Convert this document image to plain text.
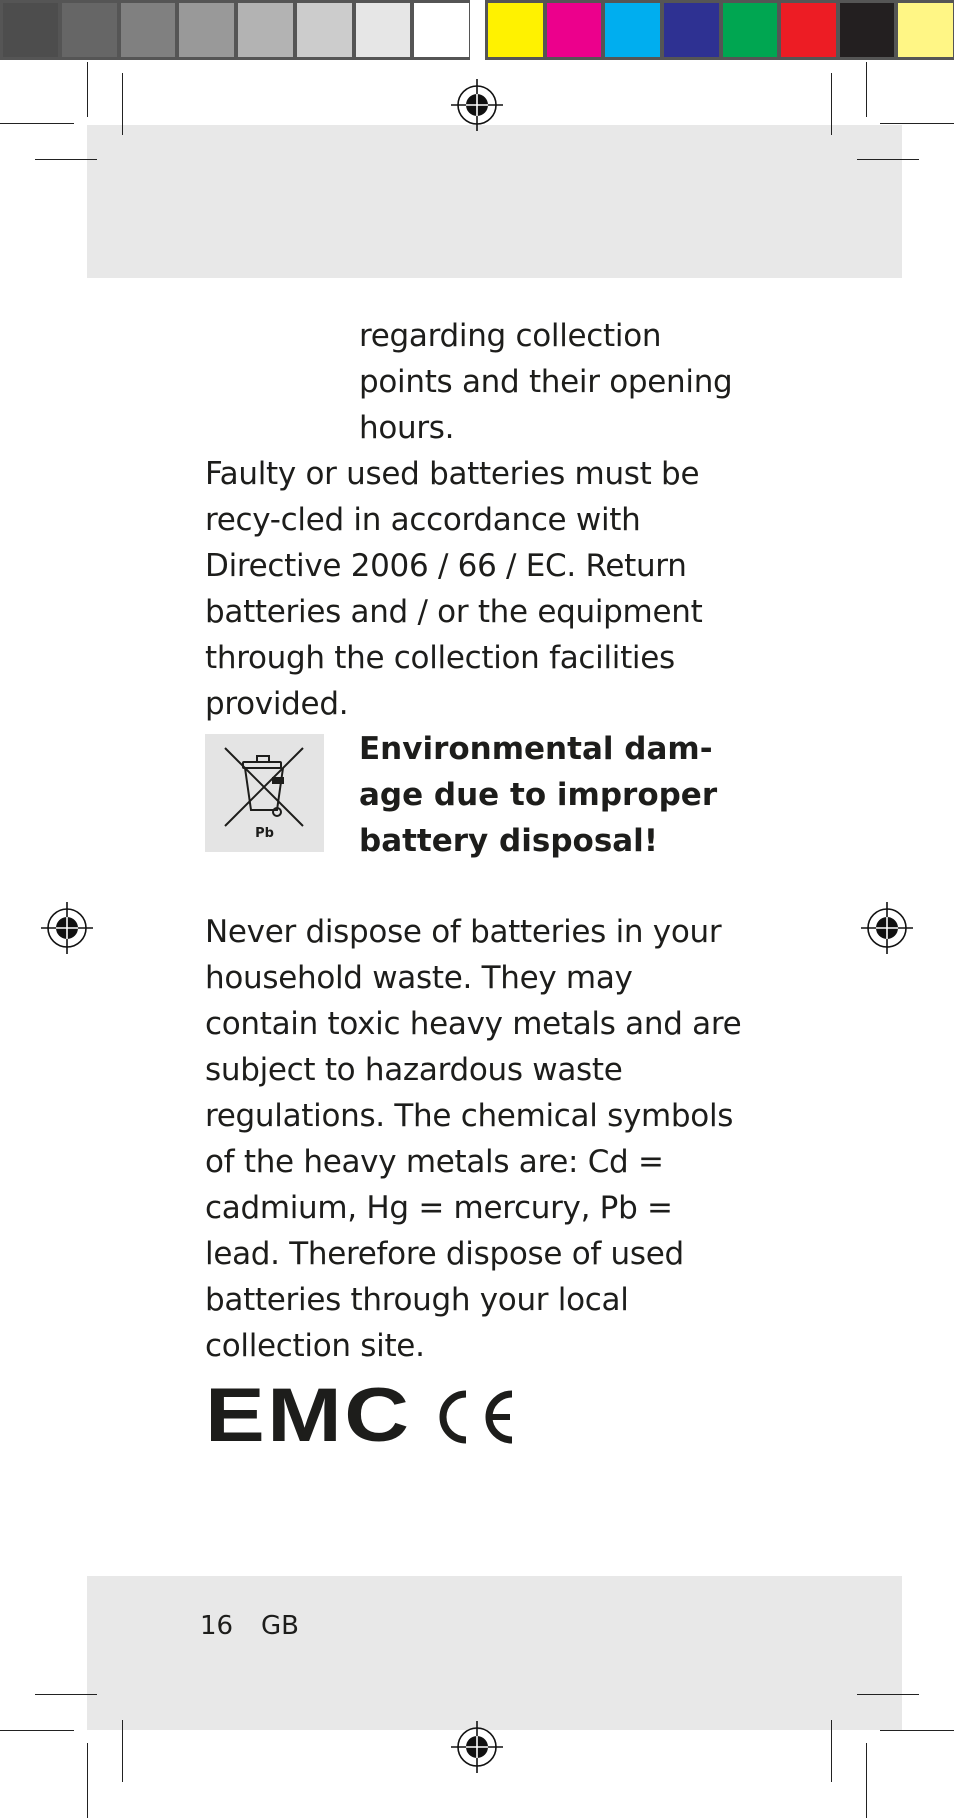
regarding collection points and their opening hours.
Faulty or used batteries must be recy-cled in accordance with Directive 2006 / 66 / EC. Return batteries and / or the equipment through the collection facilities provided.
Pb
Environmental dam-age due to improper battery disposal!
Never dispose of batteries in your household waste. They may contain toxic heavy metals and are subject to hazardous waste regulations. The chemical symbols of the heavy metals are: Cd = cadmium, Hg = mercury, Pb = lead. Therefore dispose of used batteries through your local collection site.
EMC
16 GB
